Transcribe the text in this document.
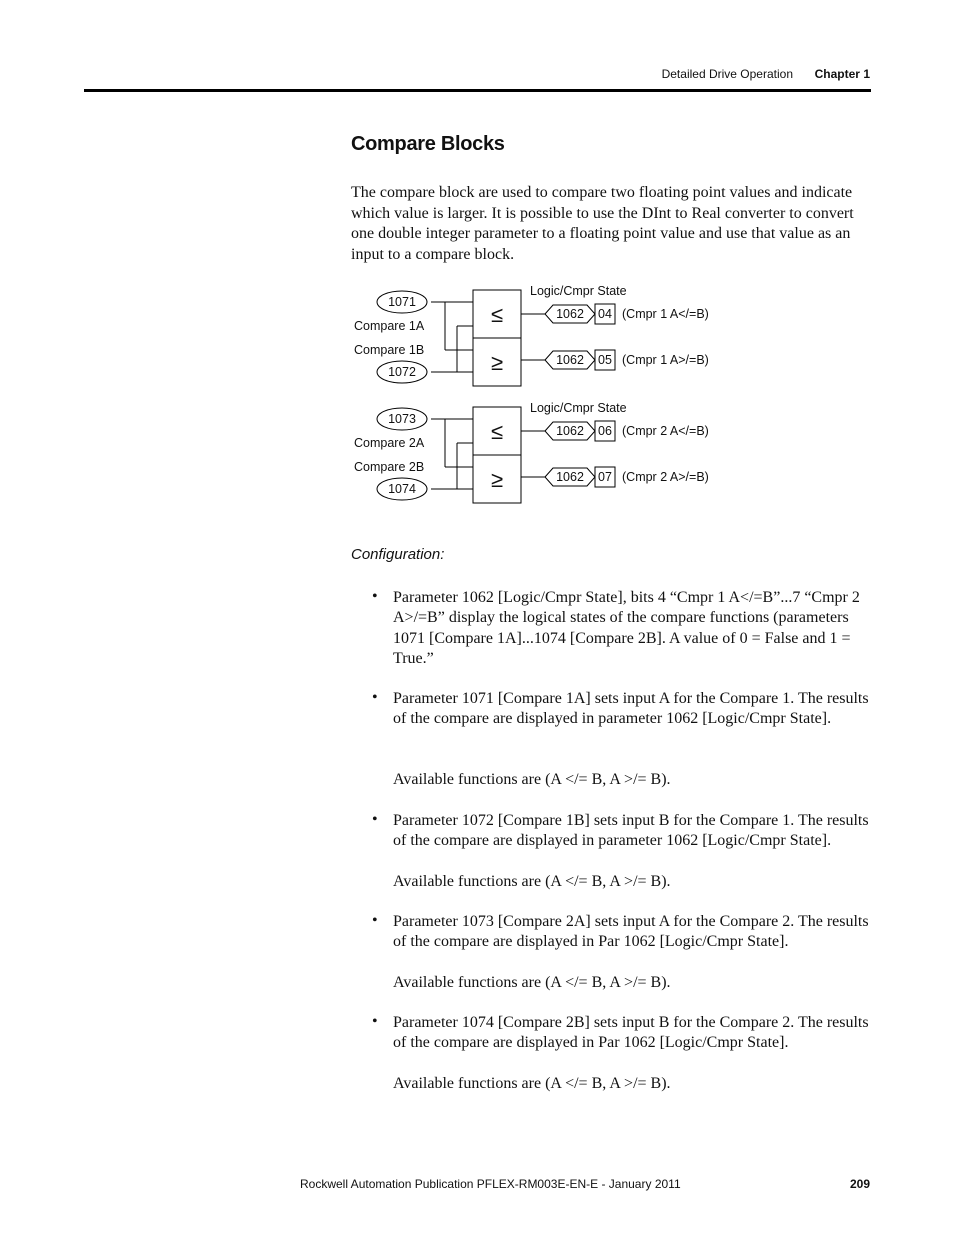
Detailed Drive Operation Chapter 1
Compare Blocks
The compare block are used to compare two floating point values and indicate which value is larger. It is possible to use the DInt to Real converter to convert one double integer parameter to a floating point value and use that value as an input to a compare block.
Logic/Cmpr State
1071
Compare 1A
Compare 1B
1072
≤
≥
1062 04 (Cmpr 1 A</=B)
1062 05 (Cmpr 1 A>/=B)
Logic/Cmpr State
1073
Compare 2A
Compare 2B
1074
≤
≥
1062 06 (Cmpr 2 A</=B)
1062 07 (Cmpr 2 A>/=B)
Configuration:
• Parameter 1062 [Logic/Cmpr State], bits 4 “Cmpr 1 A</=B”...7 “Cmpr 2 A>/=B” display the logical states of the compare functions (parameters 1071 [Compare 1A]...1074 [Compare 2B]. A value of 0 = False and 1 = True.”
• Parameter 1071 [Compare 1A] sets input A for the Compare 1. The results of the compare are displayed in parameter 1062 [Logic/Cmpr State].
Available functions are (A </= B, A >/= B).
• Parameter 1072 [Compare 1B] sets input B for the Compare 1. The results of the compare are displayed in parameter 1062 [Logic/Cmpr State].
Available functions are (A </= B, A >/= B).
• Parameter 1073 [Compare 2A] sets input A for the Compare 2. The results of the compare are displayed in Par 1062 [Logic/Cmpr State].
Available functions are (A </= B, A >/= B).
• Parameter 1074 [Compare 2B] sets input B for the Compare 2. The results of the compare are displayed in Par 1062 [Logic/Cmpr State].
Available functions are (A </= B, A >/= B).
Rockwell Automation Publication PFLEX-RM003E-EN-E - January 2011	209
